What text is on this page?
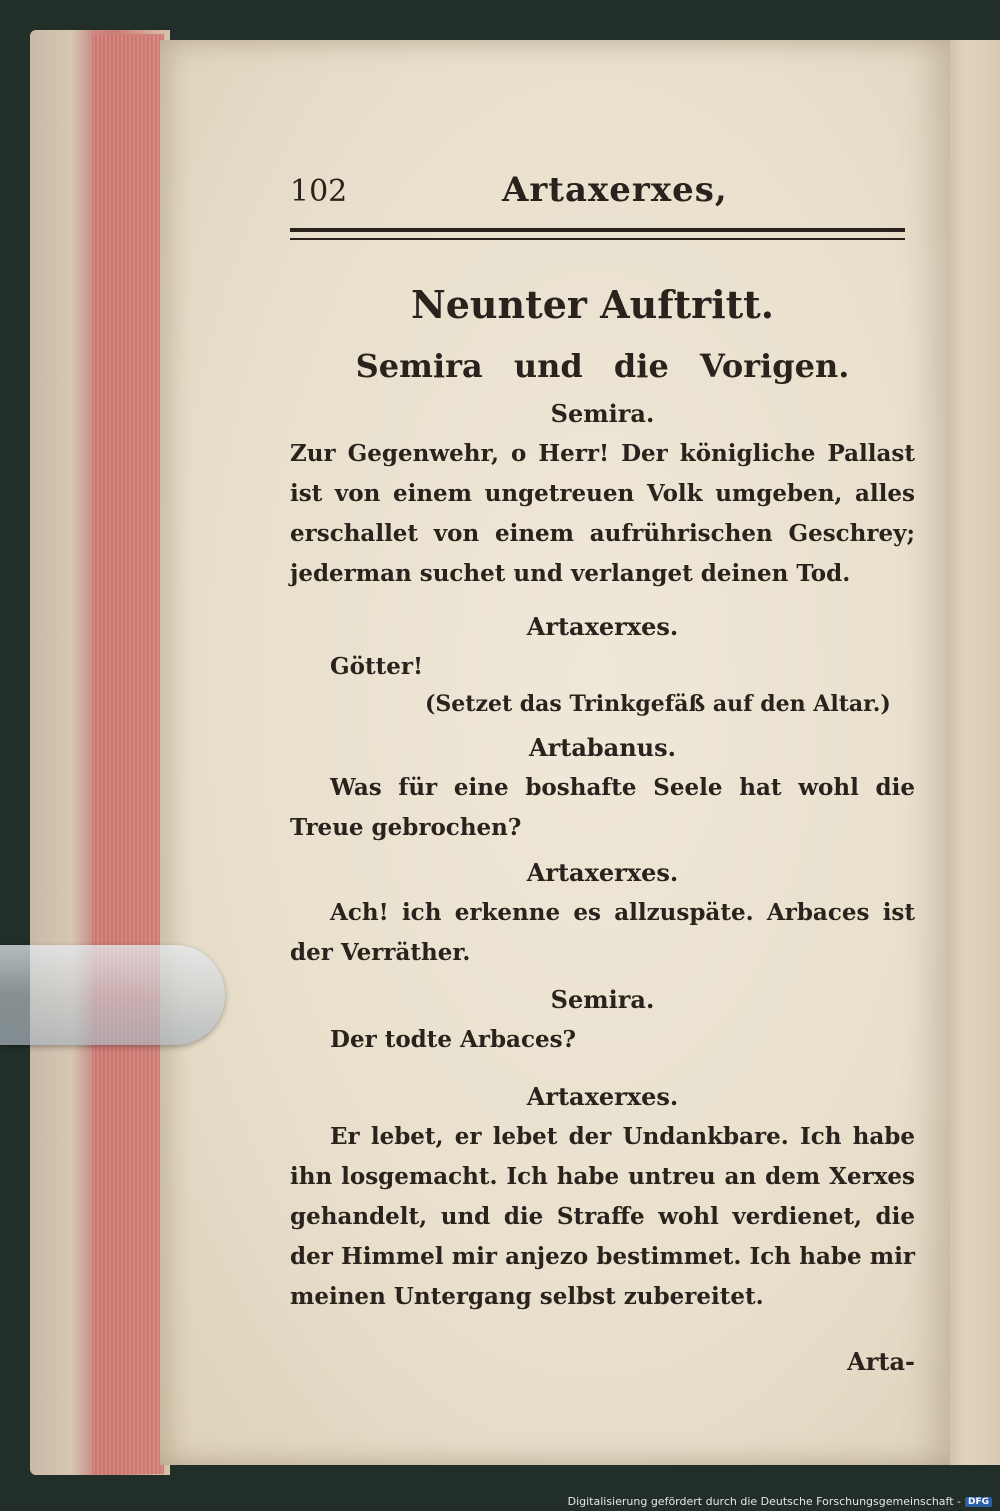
102	Artaxerxes,
Neunter Auftritt.
Semira und die Vorigen.
Semira.
Zur Gegenwehr, o Herr! Der königliche Pallast ist von einem ungetreuen Volk umgeben, alles erschallet von einem aufrührischen Geschrey; jederman suchet und verlanget deinen Tod.
Artaxerxes.
Götter!
(Setzet das Trinkgefäß auf den Altar.)
Artabanus.
Was für eine boshafte Seele hat wohl die Treue gebrochen?
Artaxerxes.
Ach! ich erkenne es allzuspäte. Arbaces ist der Verräther.
Semira.
Der todte Arbaces?
Artaxerxes.
Er lebet, er lebet der Undankbare. Ich habe ihn losgemacht. Ich habe untreu an dem Xerxes gehandelt, und die Straffe wohl verdienet, die der Himmel mir anjezo bestimmet. Ich habe mir meinen Untergang selbst zubereitet.
Arta-
Digitalisierung gefördert durch die Deutsche Forschungsgemeinschaft - DFG
